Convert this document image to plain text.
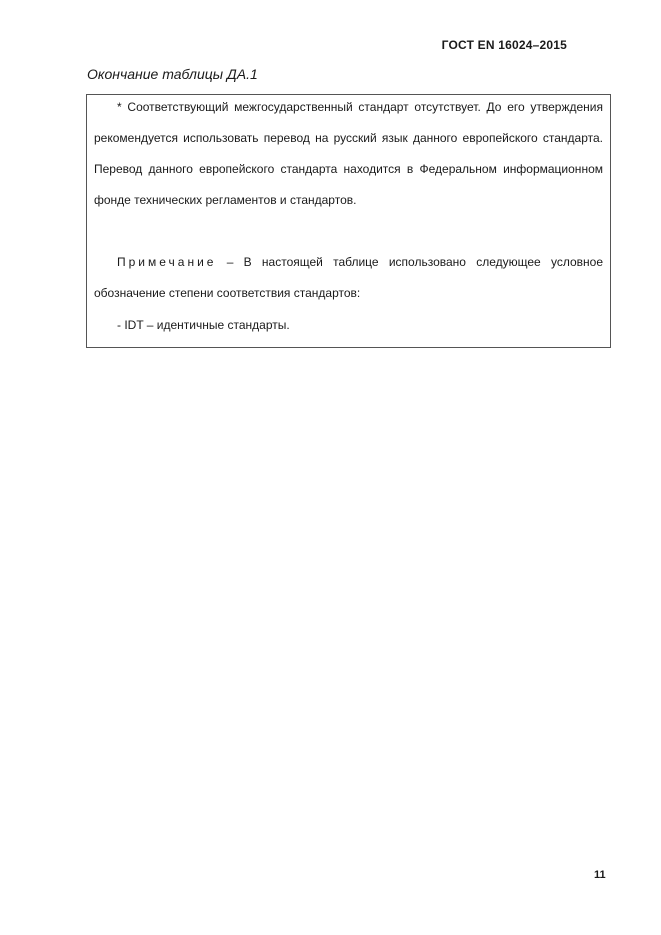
ГОСТ EN 16024–2015
Окончание таблицы ДА.1
* Соответствующий межгосударственный стандарт отсутствует. До его утверждения рекомендуется использовать перевод на русский язык данного европейского стандарта. Перевод данного европейского стандарта находится в Федеральном информационном фонде технических регламентов и стандартов.
Примечание – В настоящей таблице использовано следующее условное обозначение степени соответствия стандартов:
- IDT – идентичные стандарты.
11
